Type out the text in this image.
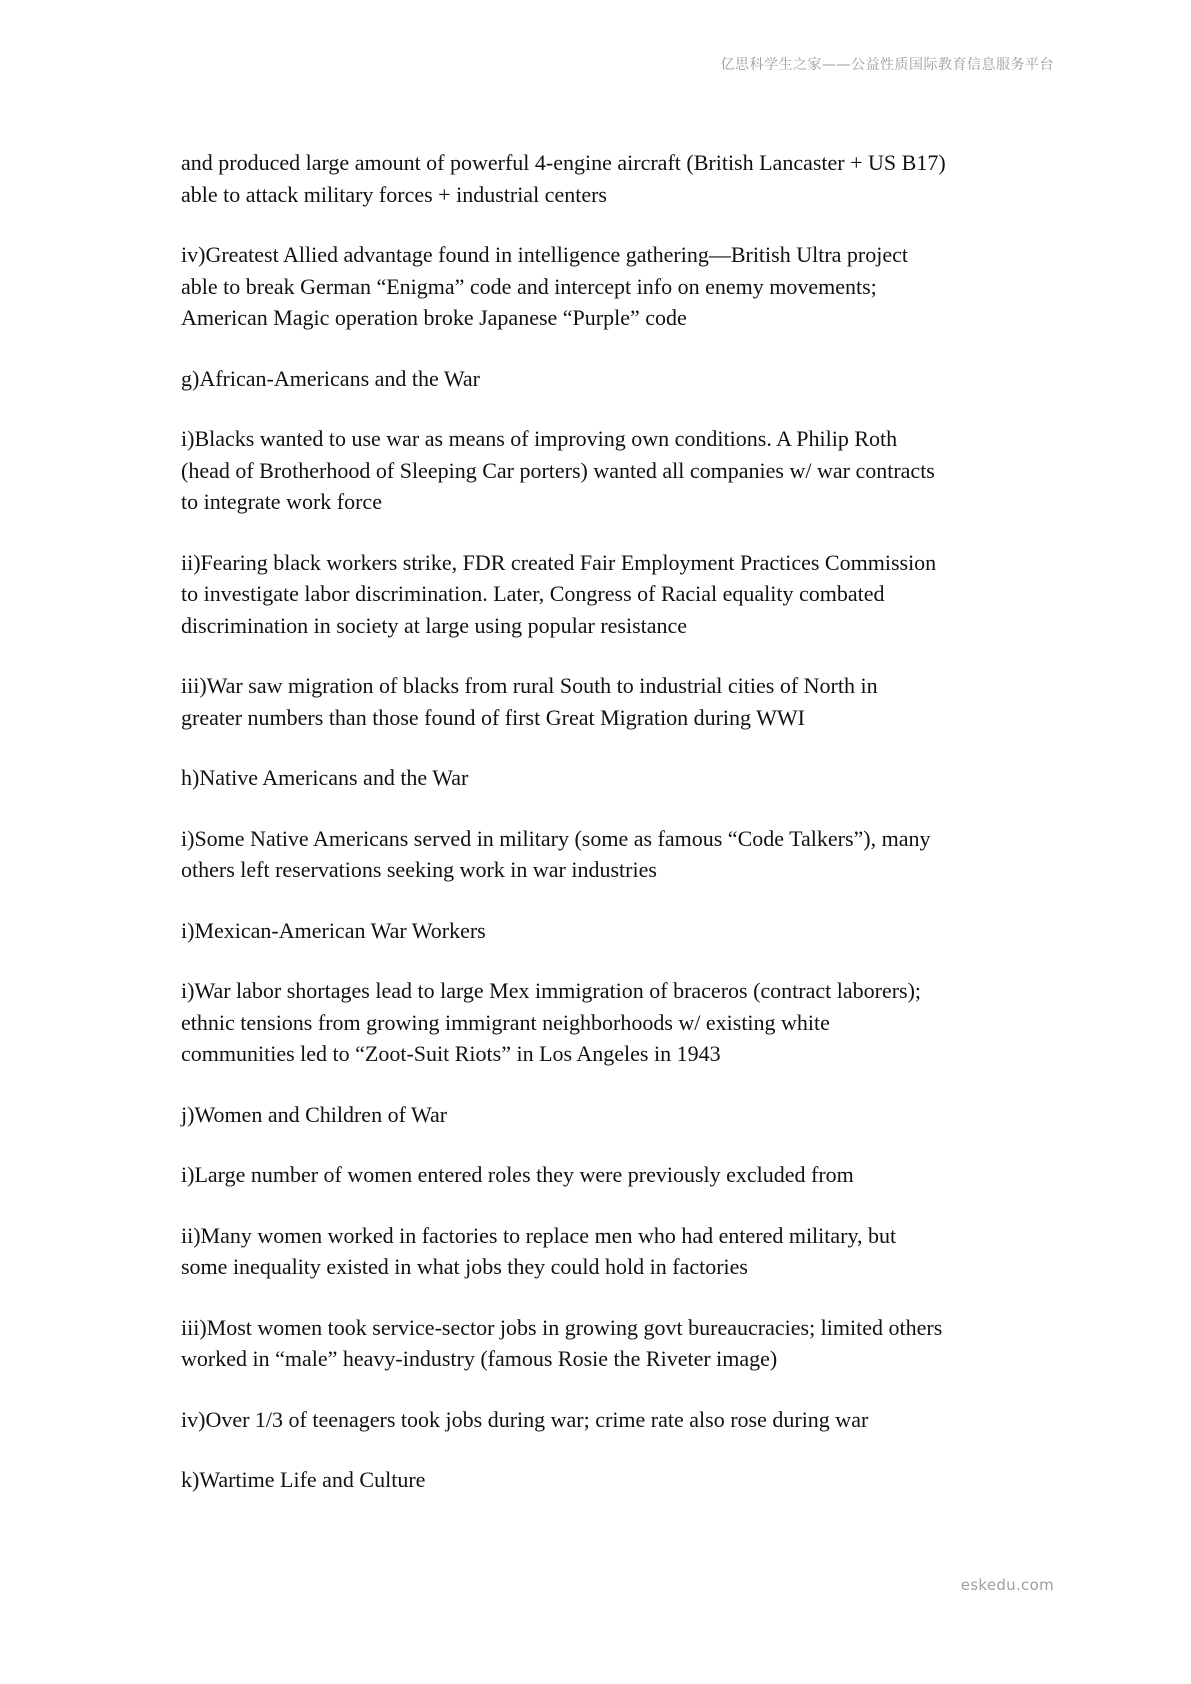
亿思科学生之家——公益性质国际教育信息服务平台

and produced large amount of powerful 4-engine aircraft (British Lancaster + US B17)
able to attack military forces + industrial centers

iv)Greatest Allied advantage found in intelligence gathering—British Ultra project
able to break German “Enigma” code and intercept info on enemy movements;
American Magic operation broke Japanese “Purple” code

g)African-Americans and the War

i)Blacks wanted to use war as means of improving own conditions. A Philip Roth
(head of Brotherhood of Sleeping Car porters) wanted all companies w/ war contracts
to integrate work force

ii)Fearing black workers strike, FDR created Fair Employment Practices Commission
to investigate labor discrimination. Later, Congress of Racial equality combated
discrimination in society at large using popular resistance

iii)War saw migration of blacks from rural South to industrial cities of North in
greater numbers than those found of first Great Migration during WWI

h)Native Americans and the War

i)Some Native Americans served in military (some as famous “Code Talkers”), many
others left reservations seeking work in war industries

i)Mexican-American War Workers

i)War labor shortages lead to large Mex immigration of braceros (contract laborers);
ethnic tensions from growing immigrant neighborhoods w/ existing white
communities led to “Zoot-Suit Riots” in Los Angeles in 1943

j)Women and Children of War

i)Large number of women entered roles they were previously excluded from

ii)Many women worked in factories to replace men who had entered military, but
some inequality existed in what jobs they could hold in factories

iii)Most women took service-sector jobs in growing govt bureaucracies; limited others
worked in “male” heavy-industry (famous Rosie the Riveter image)

iv)Over 1/3 of teenagers took jobs during war; crime rate also rose during war

k)Wartime Life and Culture

eskedu.com
